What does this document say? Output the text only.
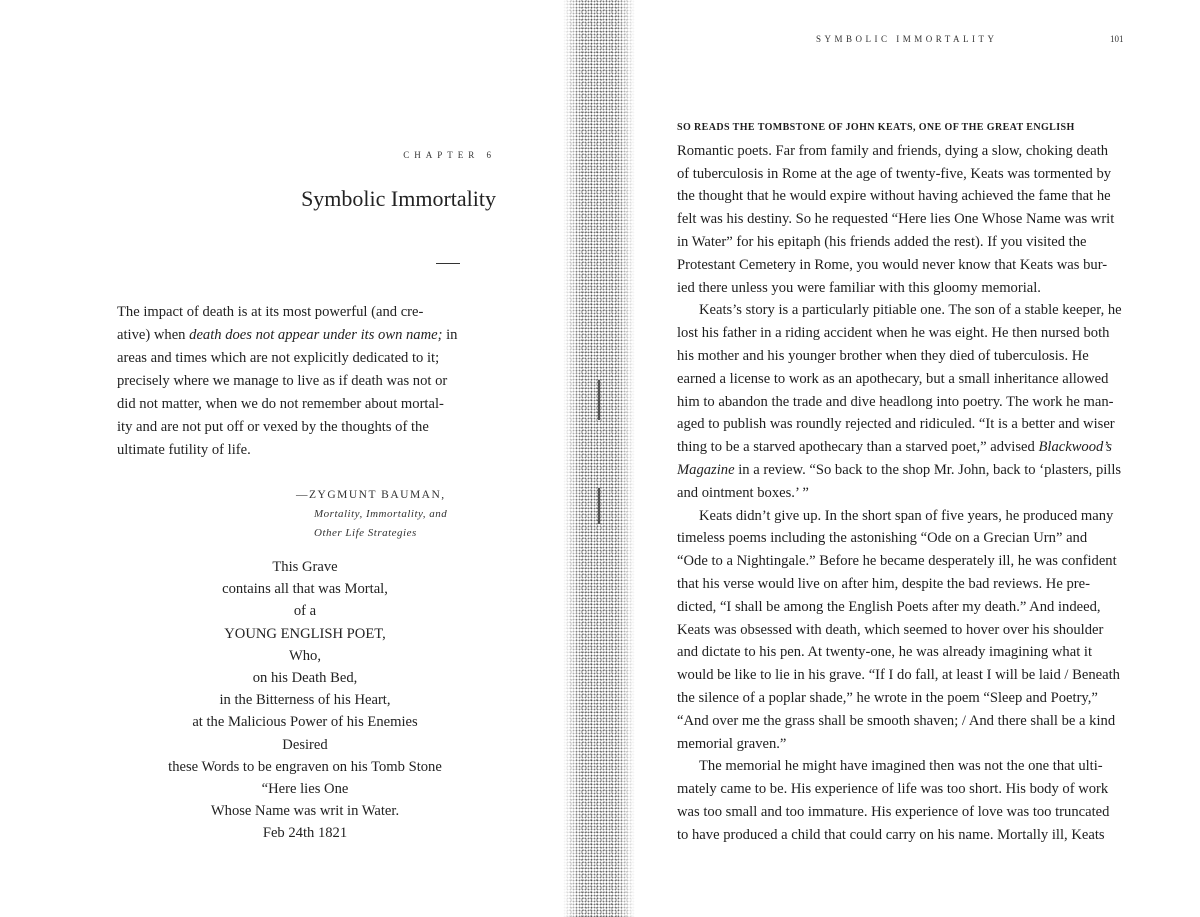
CHAPTER 6
Symbolic Immortality
The impact of death is at its most powerful (and cre-
ative) when death does not appear under its own name; in
areas and times which are not explicitly dedicated to it;
precisely where we manage to live as if death was not or
did not matter, when we do not remember about mortal-
ity and are not put off or vexed by the thoughts of the
ultimate futility of life.
—ZYGMUNT BAUMAN,
Mortality, Immortality, and
Other Life Strategies
This Grave
contains all that was Mortal,
of a
YOUNG ENGLISH POET,
Who,
on his Death Bed,
in the Bitterness of his Heart,
at the Malicious Power of his Enemies
Desired
these Words to be engraven on his Tomb Stone
“Here lies One
Whose Name was writ in Water.
Feb 24th 1821
SYMBOLIC IMMORTALITY	101
SO READS THE TOMBSTONE OF JOHN KEATS, ONE OF THE GREAT ENGLISH
Romantic poets. Far from family and friends, dying a slow, choking death
of tuberculosis in Rome at the age of twenty-five, Keats was tormented by
the thought that he would expire without having achieved the fame that he
felt was his destiny. So he requested “Here lies One Whose Name was writ
in Water” for his epitaph (his friends added the rest). If you visited the
Protestant Cemetery in Rome, you would never know that Keats was bur-
ied there unless you were familiar with this gloomy memorial.
Keats’s story is a particularly pitiable one. The son of a stable keeper, he
lost his father in a riding accident when he was eight. He then nursed both
his mother and his younger brother when they died of tuberculosis. He
earned a license to work as an apothecary, but a small inheritance allowed
him to abandon the trade and dive headlong into poetry. The work he man-
aged to publish was roundly rejected and ridiculed. “It is a better and wiser
thing to be a starved apothecary than a starved poet,” advised Blackwood’s
Magazine in a review. “So back to the shop Mr. John, back to ‘plasters, pills
and ointment boxes.’ ”
Keats didn’t give up. In the short span of five years, he produced many
timeless poems including the astonishing “Ode on a Grecian Urn” and
“Ode to a Nightingale.” Before he became desperately ill, he was confident
that his verse would live on after him, despite the bad reviews. He pre-
dicted, “I shall be among the English Poets after my death.” And indeed,
Keats was obsessed with death, which seemed to hover over his shoulder
and dictate to his pen. At twenty-one, he was already imagining what it
would be like to lie in his grave. “If I do fall, at least I will be laid / Beneath
the silence of a poplar shade,” he wrote in the poem “Sleep and Poetry,”
“And over me the grass shall be smooth shaven; / And there shall be a kind
memorial graven.”
The memorial he might have imagined then was not the one that ulti-
mately came to be. His experience of life was too short. His body of work
was too small and too immature. His experience of love was too truncated
to have produced a child that could carry on his name. Mortally ill, Keats
